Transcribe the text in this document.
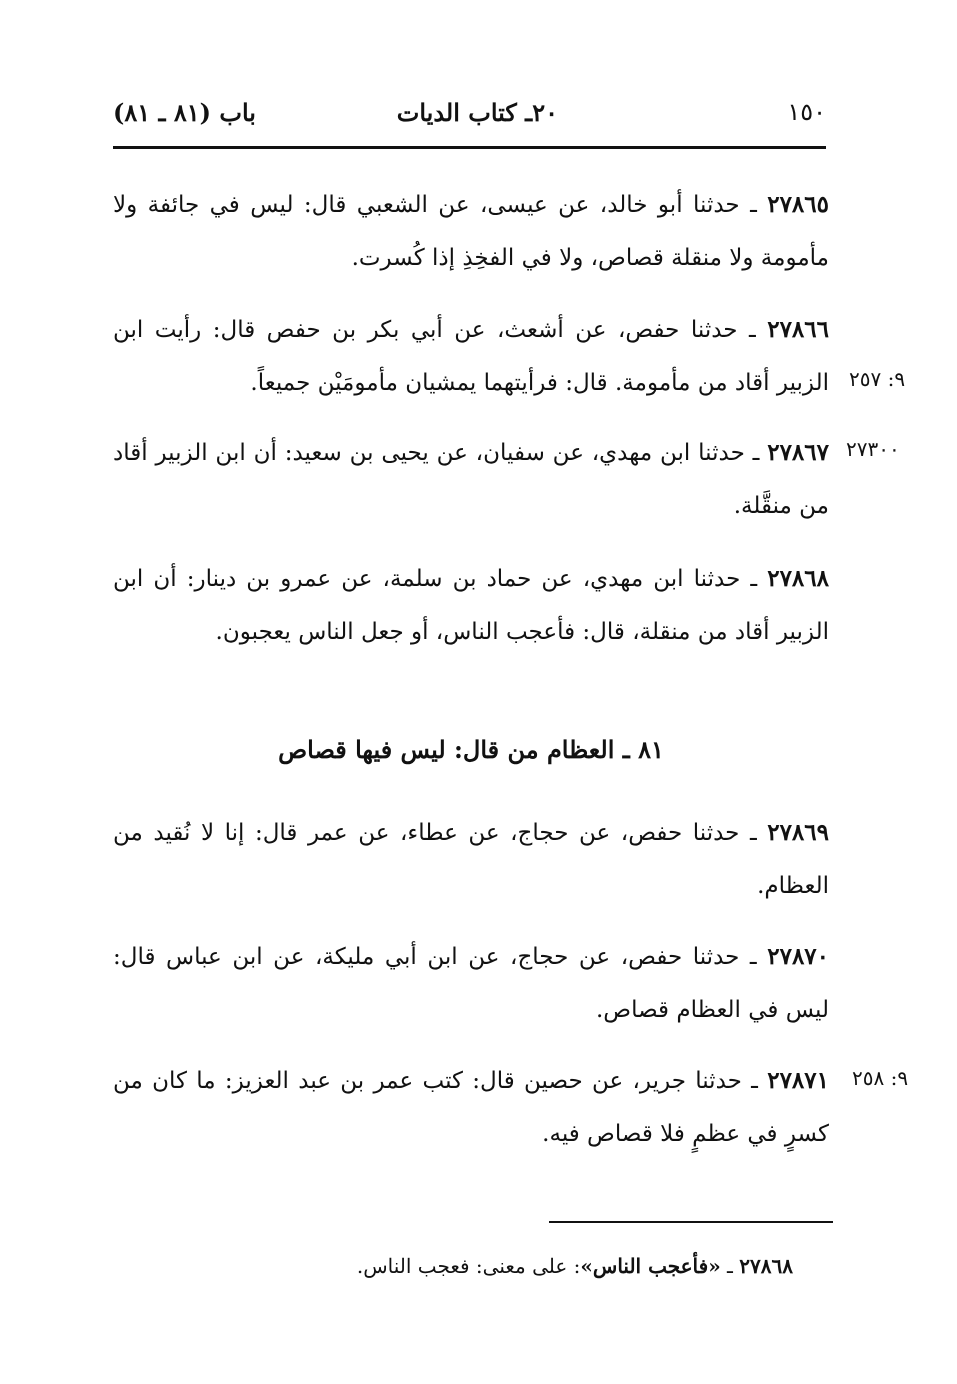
١٥٠
٢٠ـ كتاب الديات
باب (٨١ ـ ٨١)
٢٧٨٦٥ ـ حدثنا أبو خالد، عن عيسى، عن الشعبي قال: ليس في جائفة ولا مأمومة ولا منقلة قصاص، ولا في الفخِذِ إذا كُسرت.
٢٧٨٦٦ ـ حدثنا حفص، عن أشعث، عن أبي بكر بن حفص قال: رأيت ابن الزبير أقاد من مأمومة. قال: فرأيتهما يمشيان مأمومَيْن جميعاً. ٩: ٢٥٧
٢٧٨٦٧ ـ حدثنا ابن مهدي، عن سفيان، عن يحيى بن سعيد: أن ابن الزبير أقاد من منقَّلة.
٢٧٣٠٠
٢٧٨٦٨ ـ حدثنا ابن مهدي، عن حماد بن سلمة، عن عمرو بن دينار: أن ابن الزبير أقاد من منقلة، قال: فأعجب الناس، أو جعل الناس يعجبون.
٨١ ـ العظام من قال: ليس فيها قصاص
٢٧٨٦٩ ـ حدثنا حفص، عن حجاج، عن عطاء، عن عمر قال: إنا لا نُقيد من العظام.
٢٧٨٧٠ ـ حدثنا حفص، عن حجاج، عن ابن أبي مليكة، عن ابن عباس قال: ليس في العظام قصاص.
٢٧٨٧١ ـ حدثنا جرير، عن حصين قال: كتب عمر بن عبد العزيز: ما كان من كسرٍ في عظمٍ فلا قصاص فيه.
٩: ٢٥٨
٢٧٨٦٨ ـ «فأعجب الناس»: على معنى: فعجب الناس.
